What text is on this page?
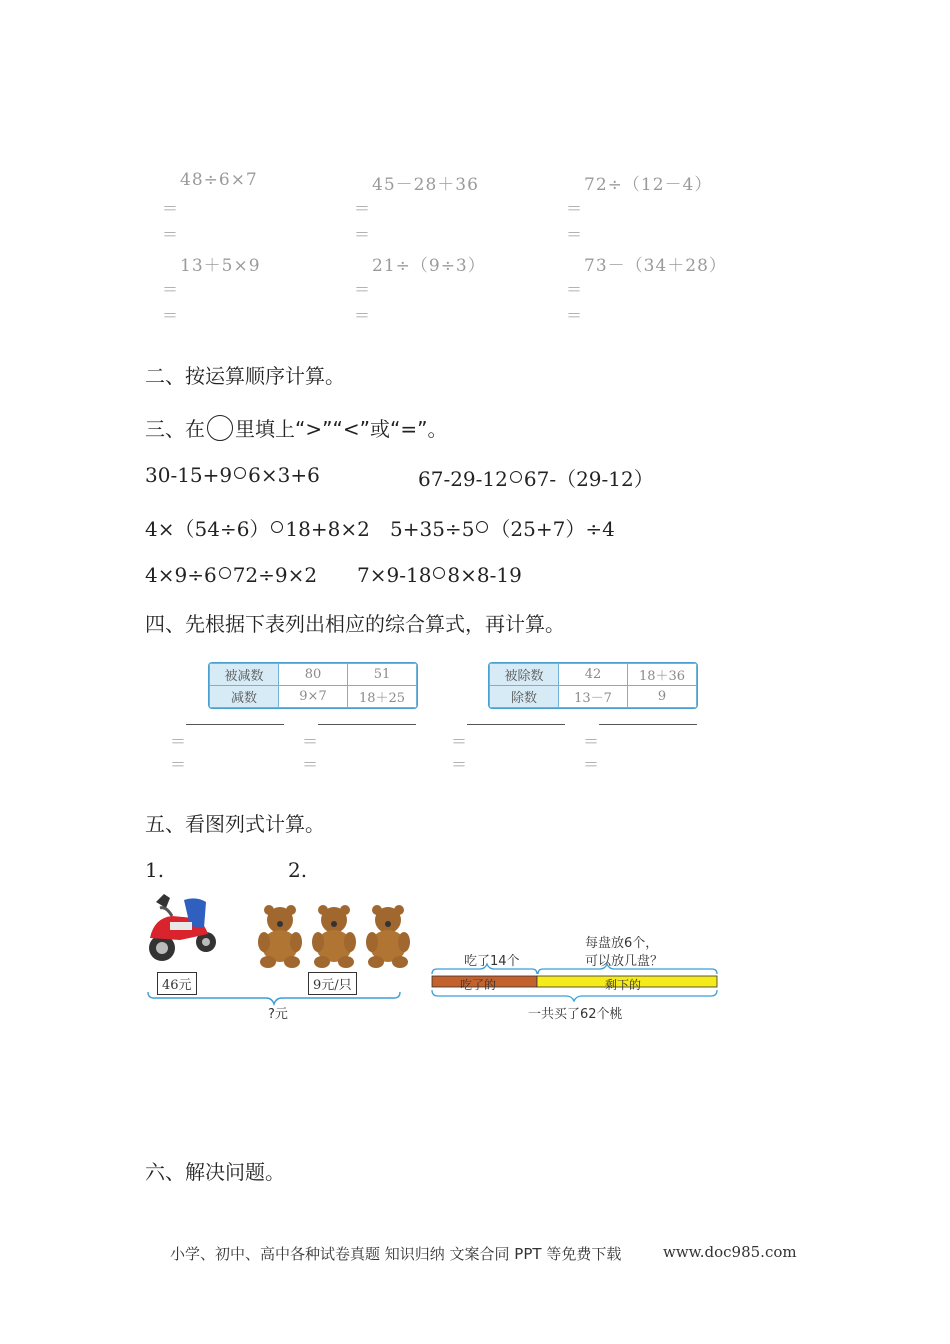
48÷6×7	45－28＋36	72÷（12－4）
＝	＝	＝
＝	＝	＝
13＋5×9	21÷（9÷3）	73－（34＋28）
＝	＝	＝
＝	＝	＝
二、按运算顺序计算。
三、在 里填上“>”“<”或“=”。
30-15+9 6×3+6	67-29-12 67-（29-12）
4×（54÷6） 18+8×2 5+35÷5 （25+7）÷4
4×9÷6 72÷9×2 7×9-18 8×8-19
四、先根据下表列出相应的综合算式，再计算。
被减数	80	51
减数	9×7	18＋25
被除数	42	18＋36
除数	13－7	9
＝	＝	＝	＝
＝	＝	＝	＝
五、看图列式计算。
1.	2.
46元	9元/只
?元
每盘放6个，
可以放几盘？
吃了14个
吃了的	剩下的
一共买了62个桃
六、解决问题。
小学、初中、高中各种试卷真题 知识归纳 文案合同 PPT 等免费下载	www.doc985.com
